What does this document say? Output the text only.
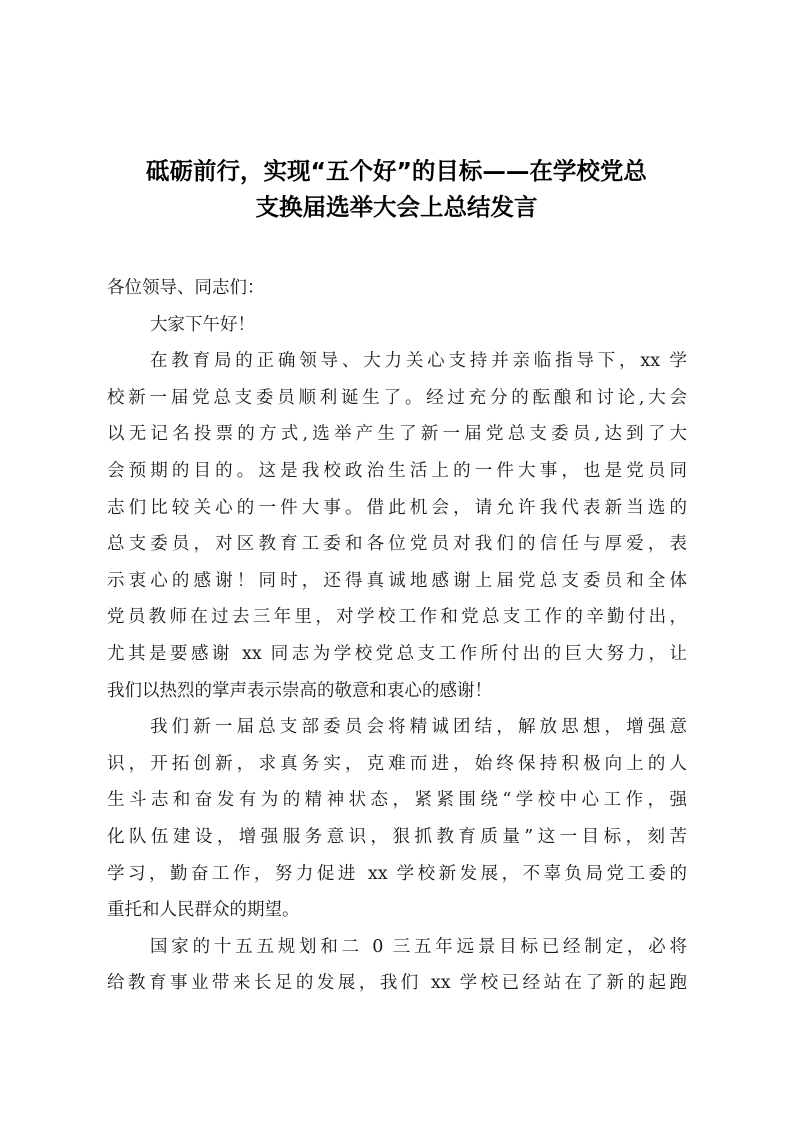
砥砺前行，实现“五个好”的目标——在学校党总
支换届选举大会上总结发言
各位领导、同志们：
大家下午好！
在教育局的正确领导、大力关心支持并亲临指导下，xx 学
校新一届党总支委员顺利诞生了。经过充分的酝酿和讨论,大会
以无记名投票的方式,选举产生了新一届党总支委员,达到了大
会预期的目的。这是我校政治生活上的一件大事，也是党员同
志们比较关心的一件大事。借此机会，请允许我代表新当选的
总支委员，对区教育工委和各位党员对我们的信任与厚爱，表
示衷心的感谢！同时，还得真诚地感谢上届党总支委员和全体
党员教师在过去三年里，对学校工作和党总支工作的辛勤付出，
尤其是要感谢 xx 同志为学校党总支工作所付出的巨大努力，让
我们以热烈的掌声表示崇高的敬意和衷心的感谢！
我们新一届总支部委员会将精诚团结，解放思想，增强意
识，开拓创新，求真务实，克难而进，始终保持积极向上的人
生斗志和奋发有为的精神状态，紧紧围绕“学校中心工作，强
化队伍建设，增强服务意识，狠抓教育质量”这一目标，刻苦
学习，勤奋工作，努力促进 xx 学校新发展，不辜负局党工委的
重托和人民群众的期望。
国家的十五五规划和二 0 三五年远景目标已经制定，必将
给教育事业带来长足的发展，我们 xx 学校已经站在了新的起跑
